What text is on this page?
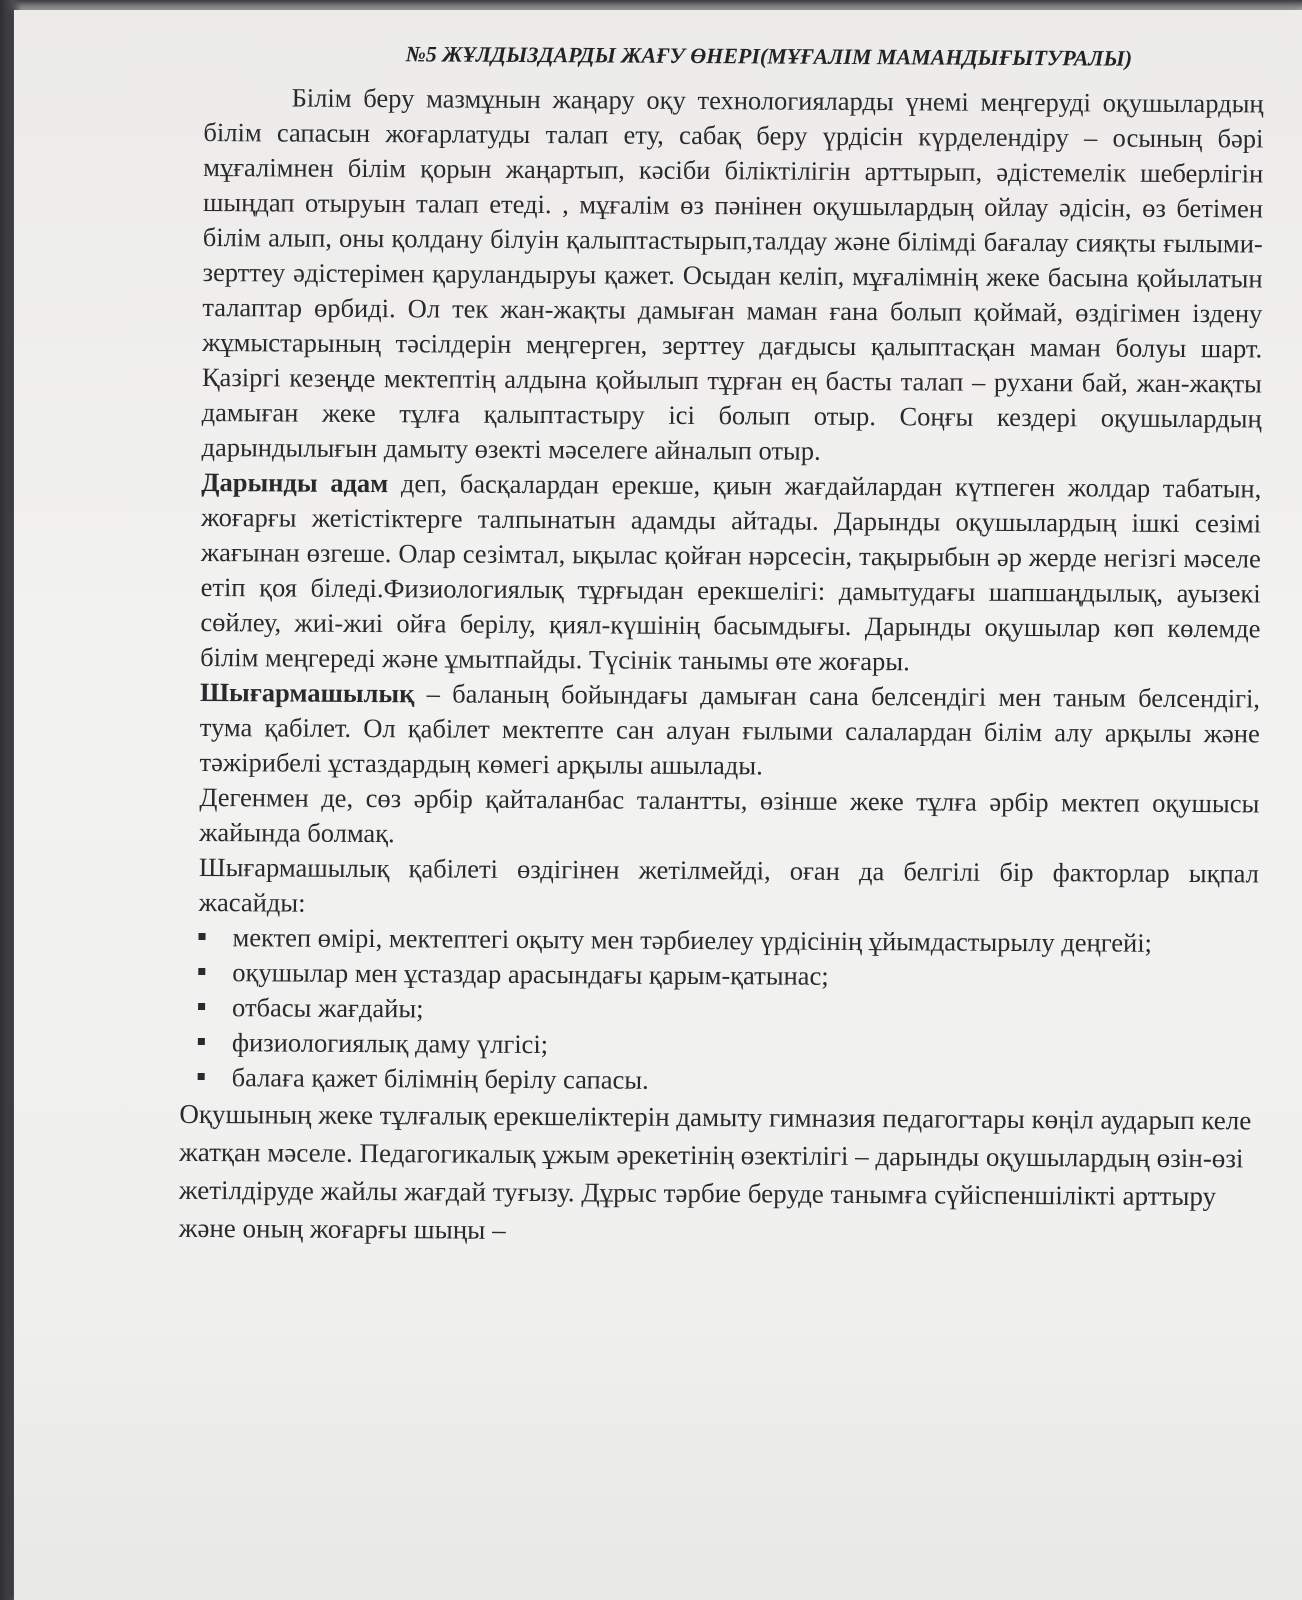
№5 ЖҰЛДЫЗДАРДЫ ЖАҒУ ӨНЕРІ(МҰҒАЛІМ МАМАНДЫҒЫТУРАЛЫ)

Білім беру мазмұнын жаңару оқу технологияларды үнемі меңгеруді оқушылардың білім сапасын жоғарлатуды талап ету, сабақ беру үрдісін күрделендіру – осының бәрі мұғалімнен білім қорын жаңартып, кәсіби біліктілігін арттырып, әдістемелік шеберлігін шыңдап отыруын талап етеді. , мұғалім өз пәнінен оқушылардың ойлау әдісін, өз бетімен білім алып, оны қолдану білуін қалыптастырып,талдау және білімді бағалау сияқты ғылыми-зерттеу әдістерімен қаруландыруы қажет. Осыдан келіп, мұғалімнің жеке басына қойылатын талаптар өрбиді. Ол тек жан-жақты дамыған маман ғана болып қоймай, өздігімен іздену жұмыстарының тәсілдерін меңгерген, зерттеу дағдысы қалыптасқан маман болуы шарт. Қазіргі кезеңде мектептің алдына қойылып тұрған ең басты талап – рухани бай, жан-жақты дамыған жеке тұлға қалыптастыру ісі болып отыр. Соңғы кездері оқушылардың дарындылығын дамыту өзекті мәселеге айналып отыр.

Дарынды адам деп, басқалардан ерекше, қиын жағдайлардан күтпеген жолдар табатын, жоғарғы жетістіктерге талпынатын адамды айтады. Дарынды оқушылардың ішкі сезімі жағынан өзгеше. Олар сезімтал, ықылас қойған нәрсесін, тақырыбын әр жерде негізгі мәселе етіп қоя біледі.Физиологиялық тұрғыдан ерекшелігі: дамытудағы шапшаңдылық, ауызекі сөйлеу, жиі-жиі ойға берілу, қиял-күшінің басымдығы. Дарынды оқушылар көп көлемде білім меңгереді және ұмытпайды. Түсінік танымы өте жоғары.

Шығармашылық – баланың бойындағы дамыған сана белсендігі мен таным белсендігі, тума қабілет. Ол қабілет мектепте сан алуан ғылыми салалардан білім алу арқылы және тәжірибелі ұстаздардың көмегі арқылы ашылады.

Дегенмен де, сөз әрбір қайталанбас талантты, өзінше жеке тұлға әрбір мектеп оқушысы жайында болмақ.

Шығармашылық қабілеті өздігінен жетілмейді, оған да белгілі бір факторлар ықпал жасайды:

мектеп өмірі, мектептегі оқыту мен тәрбиелеу үрдісінің ұйымдастырылу деңгейі;
оқушылар мен ұстаздар арасындағы қарым-қатынас;
отбасы жағдайы;
физиологиялық даму үлгісі;
балаға қажет білімнің берілу сапасы.

Оқушының жеке тұлғалық ерекшеліктерін дамыту гимназия педагогтары көңіл аударып келе жатқан мәселе. Педагогикалық ұжым әрекетінің өзектілігі – дарынды оқушылардың өзін-өзі жетілдіруде жайлы жағдай туғызу. Дұрыс тәрбие беруде танымға сүйіспеншілікті арттыру және оның жоғарғы шыңы –
